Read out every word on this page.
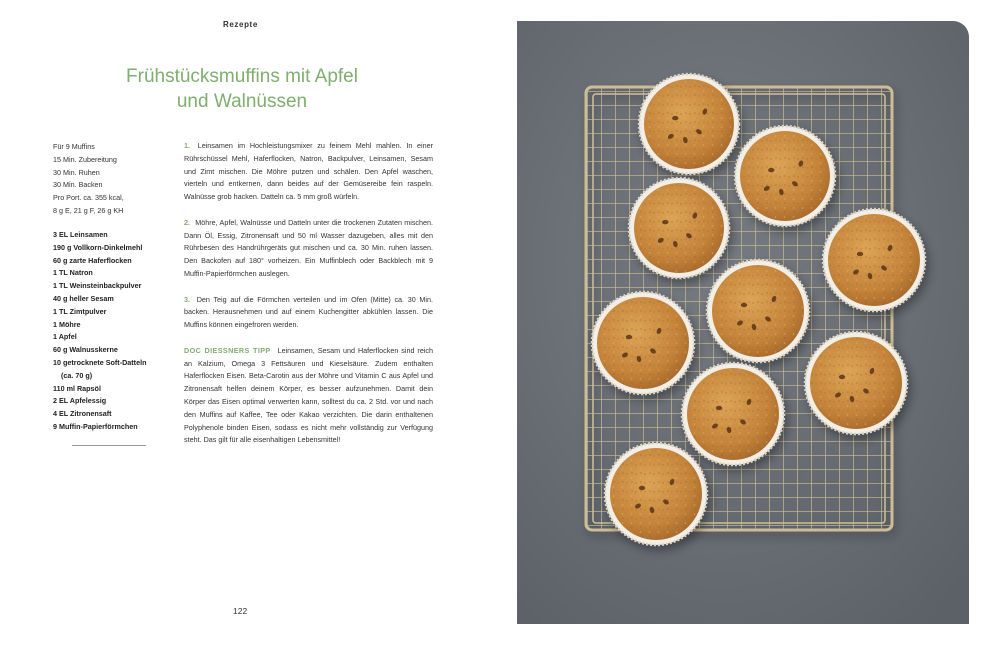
Rezepte
Frühstücksmuffins mit Apfel
und Walnüssen
Für 9 Muffins
15 Min. Zubereitung
30 Min. Ruhen
30 Min. Backen
Pro Port. ca. 355 kcal,
8 g E, 21 g F, 26 g KH
3 EL Leinsamen
190 g Vollkorn-Dinkelmehl
60 g zarte Haferflocken
1 TL Natron
1 TL Weinsteinbackpulver
40 g heller Sesam
1 TL Zimtpulver
1 Möhre
1 Apfel
60 g Walnusskerne
10 getrocknete Soft-Datteln
(ca. 70 g)
110 ml Rapsöl
2 EL Apfelessig
4 EL Zitronensaft
9 Muffin-Papierförmchen

1. Leinsamen im Hochleistungsmixer zu feinem Mehl mahlen. In einer Rührschüssel Mehl, Haferflocken, Natron, Backpulver, Leinsamen, Sesam und Zimt mischen. Die Möhre putzen und schälen. Den Apfel waschen, vierteln und entkernen, dann beides auf der Gemüsereibe fein raspeln. Walnüsse grob hacken. Datteln ca. 5 mm groß würfeln.

2. Möhre, Apfel, Walnüsse und Datteln unter die trockenen Zutaten mischen. Dann Öl, Essig, Zitronensaft und 50 ml Wasser dazugeben, alles mit den Rührbesen des Handrührgeräts gut mischen und ca. 30 Min. ruhen lassen. Den Backofen auf 180° vorheizen. Ein Muffinblech oder Backblech mit 9 Muffin-Papierförmchen auslegen.

3. Den Teig auf die Förmchen verteilen und im Ofen (Mitte) ca. 30 Min. backen. Herausnehmen und auf einem Kuchengitter abkühlen lassen. Die Muffins können eingefroren werden.

DOC DIESSNERS TIPP Leinsamen, Sesam und Haferflocken sind reich an Kalzium, Omega 3 Fettsäuren und Kieselsäure. Zudem enthalten Haferflocken Eisen. Beta-Carotin aus der Möhre und Vitamin C aus Apfel und Zitronensaft helfen deinem Körper, es besser aufzunehmen. Damit dein Körper das Eisen optimal verwerten kann, solltest du ca. 2 Std. vor und nach den Muffins auf Kaffee, Tee oder Kakao verzichten. Die darin enthaltenen Polyphenole binden Eisen, sodass es nicht mehr vollständig zur Verfügung steht. Das gilt für alle eisenhaltigen Lebensmittel!

122
